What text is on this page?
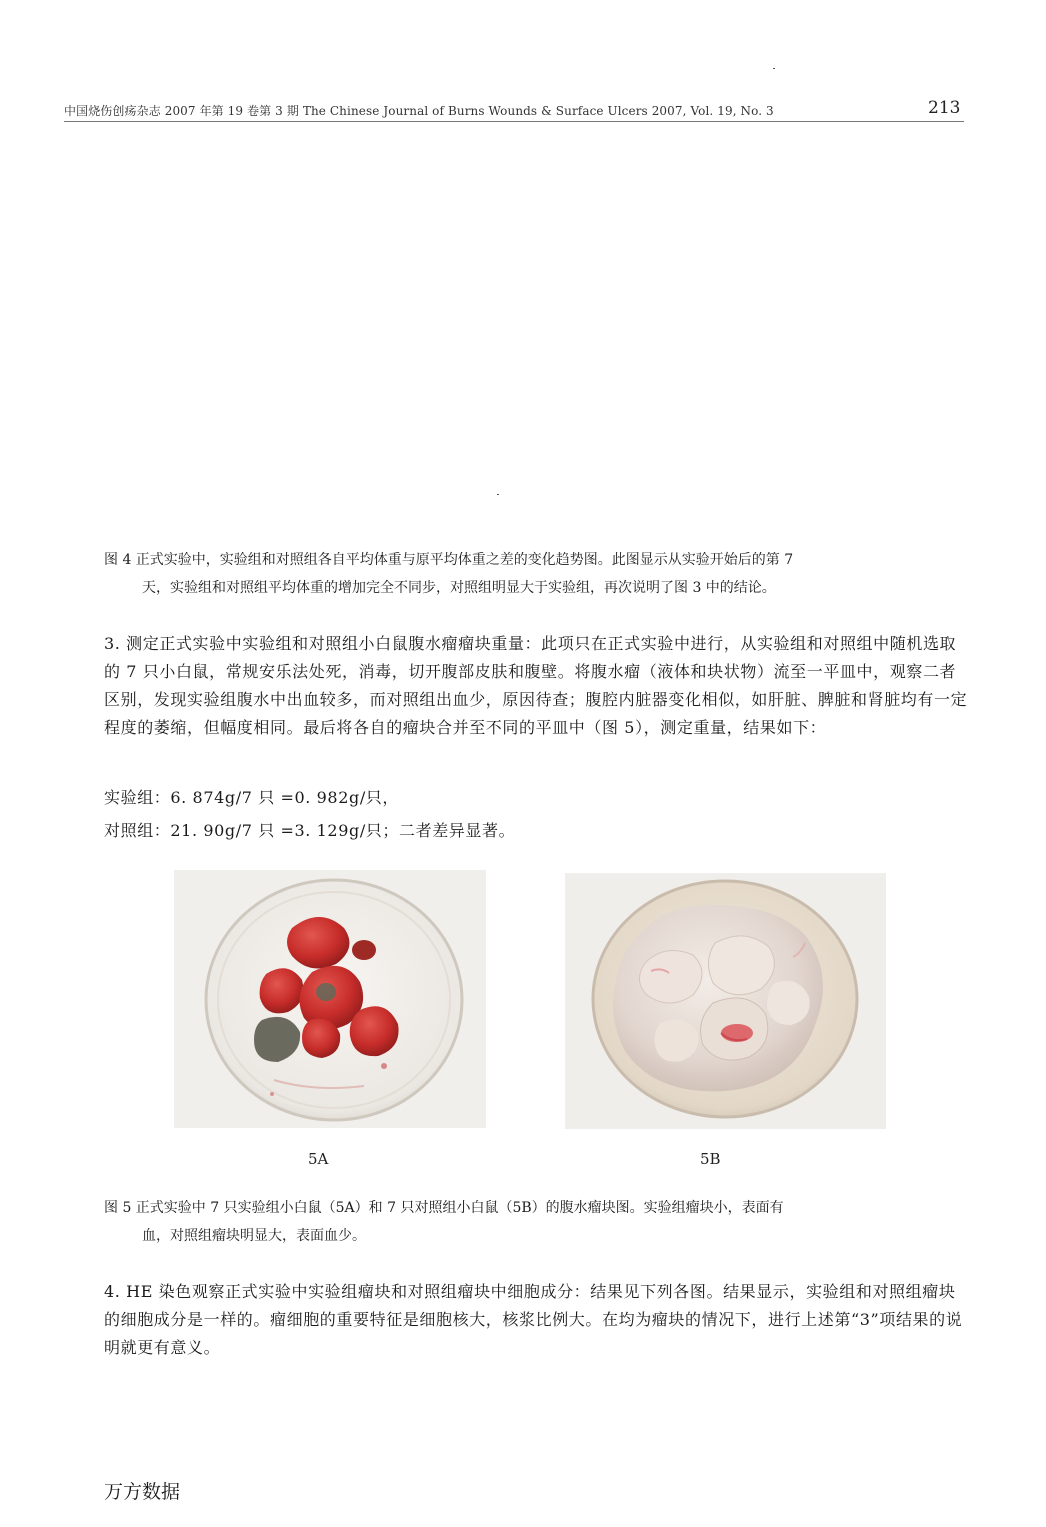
中国烧伤创疡杂志 2007 年第 19 卷第 3 期 The Chinese Journal of Burns Wounds & Surface Ulcers 2007, Vol. 19, No. 3	213
图 4 正式实验中，实验组和对照组各自平均体重与原平均体重之差的变化趋势图。此图显示从实验开始后的第 7
天，实验组和对照组平均体重的增加完全不同步，对照组明显大于实验组，再次说明了图 3 中的结论。
3. 测定正式实验中实验组和对照组小白鼠腹水瘤瘤块重量：此项只在正式实验中进行，从实验组和对照组中随机选取的 7 只小白鼠，常规安乐法处死，消毒，切开腹部皮肤和腹壁。将腹水瘤（液体和块状物）流至一平皿中，观察二者区别，发现实验组腹水中出血较多，而对照组出血少，原因待查；腹腔内脏器变化相似，如肝脏、脾脏和肾脏均有一定程度的萎缩，但幅度相同。最后将各自的瘤块合并至不同的平皿中（图 5），测定重量，结果如下：
实验组：6. 874g/7 只 =0. 982g/只，
对照组：21. 90g/7 只 =3. 129g/只；二者差异显著。
5A	5B
图 5 正式实验中 7 只实验组小白鼠（5A）和 7 只对照组小白鼠（5B）的腹水瘤块图。实验组瘤块小，表面有
血，对照组瘤块明显大，表面血少。
4. HE 染色观察正式实验中实验组瘤块和对照组瘤块中细胞成分：结果见下列各图。结果显示，实验组和对照组瘤块的细胞成分是一样的。瘤细胞的重要特征是细胞核大，核浆比例大。在均为瘤块的情况下，进行上述第“3”项结果的说明就更有意义。
万方数据
